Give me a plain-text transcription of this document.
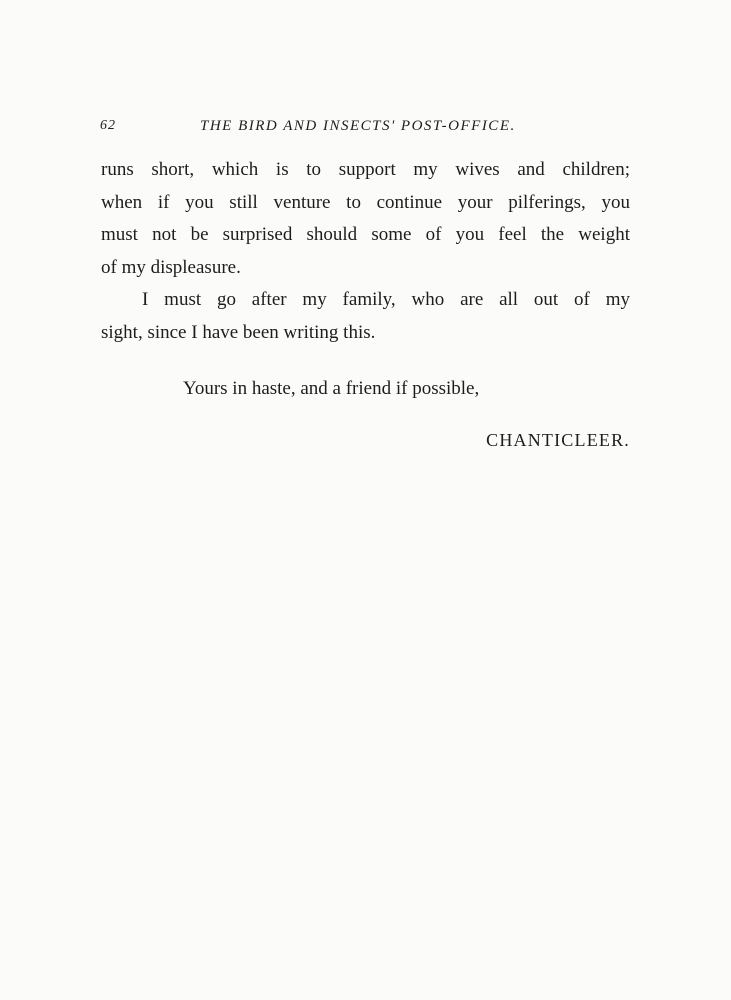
62	THE BIRD AND INSECTS' POST-OFFICE.
runs short, which is to support my wives and children;
when if you still venture to continue your pilferings, you
must not be surprised should some of you feel the weight
of my displeasure.
I must go after my family, who are all out of my
sight, since I have been writing this.
Yours in haste, and a friend if possible,
CHANTICLEER.
